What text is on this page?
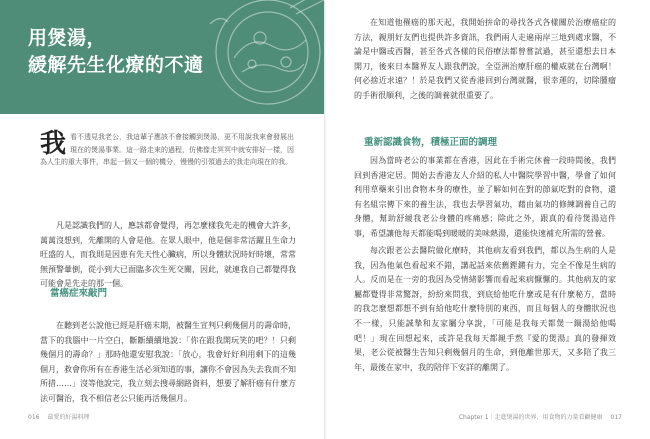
用煲湯，
緩解先生化療的不適
我 看不透見我老公，我這輩子應該不會接觸到煲湯，更不用說我來會發展出現在的煲湯事業。這一路走來的過程，仿佛像走冥冥中就安排好一樣，因為人生的重大事件，串起一個又一個的機分，慢慢的引領過去的我走向現在的我。

凡是認識我們的人，應該都會覺得，再怎麼樣我先走的機會大許多，萬萬沒想到，先離開的人會是他。在眾人眼中，他是個非常活躍且生命力旺盛的人，而我則是因患有先天性心臟病，所以身體狀況時好時壞，常常無預警暈倒，從小到大已面臨多次生死交關，因此，就連我自己都覺得我可能會是先走的那一個。

當癌症來敲門

在聽到老公說他已經是肝癌末期，被醫生宣判只剩幾個月的壽命時，當下的我腦中一片空白，斷斷續續地說：「你在跟我開玩笑的吧？！只剩幾個月的壽命？」那時他還安慰我說：「放心，我會好好利用剩下的這幾個月，救會你所有在香港生活必須知道的事，讓你不會因為失去我而不知所措……」沒等他說完，我立刻去搜尋網路資料，想要了解肝癌有什麼方法可醫治，我不相信老公只能再活幾個月。

016 最愛的好湯料理

在知道他罹癌的那天起，我開始拚命的尋找各式各樣關於治療癌症的方法，親朋好友們也提供許多資訊，我們兩人走遍兩岸三地到處求醫，不論是中醫或西醫，甚至各式各樣的民俗療法都曾嘗試過，甚至還想去日本開刀，後來日本醫界友人跟我們說，全亞洲治療肝癌的權威就在台灣啊！何必捨近求遠？！於是我們又從香港回到台灣就醫，很幸運的，切除腫瘤的手術很順利，之後的調養就很重要了。

重新認識食物，積極正面的調理

因為當時老公的事業都在香港，因此在手術完休養一段時間後，我們回到香港定居。開始去香港友人介紹的私人中醫院學習中醫，學會了如何利用草藥來引出食物本身的療性，並了解如何在對的節氣吃對的食物，還有名組宗傳下來的養生法，我也去學習氣功，藉由氣功的修練調養自己的身體，幫助舒緩我老公身體的疼痛感；除此之外，跟真的看待煲湯這件事，希望讓他每天都能喝到暖暖的美味熱湯，還能快速補充所需的營養。

每次跟老公去醫院做化療時，其他病友看到我們，都以為生病的人是我，因為他氣色看起來不錯，講起話來依舊鏗鏘有力，完全不像是生病的人。反而是在一旁的我因為受情緒影響而看起來病懨懨的。其他病友的家屬都覺得非常驚訝，紛紛來問我，到底給他吃什麼或是有什麼秘方，當時的我怎麼想都想不到有給他吃什麼特別的東西，而且每個人的身體狀況也不一樣，只能誠摯和友家屬分享說，「可能是我每天都煲一鍋湯給他喝吧！」現在回想起來，或許是我每天都親手熬『愛的煲湯』真的發揮效果，老公從被醫生告知只剩幾個月的生命，到他離世那天，又多陪了我三年，最後在家中，我的陪伴下安詳的離開了。

Chapter 1｜走進煲湯的世界，用食物的力量看顧健康 017
